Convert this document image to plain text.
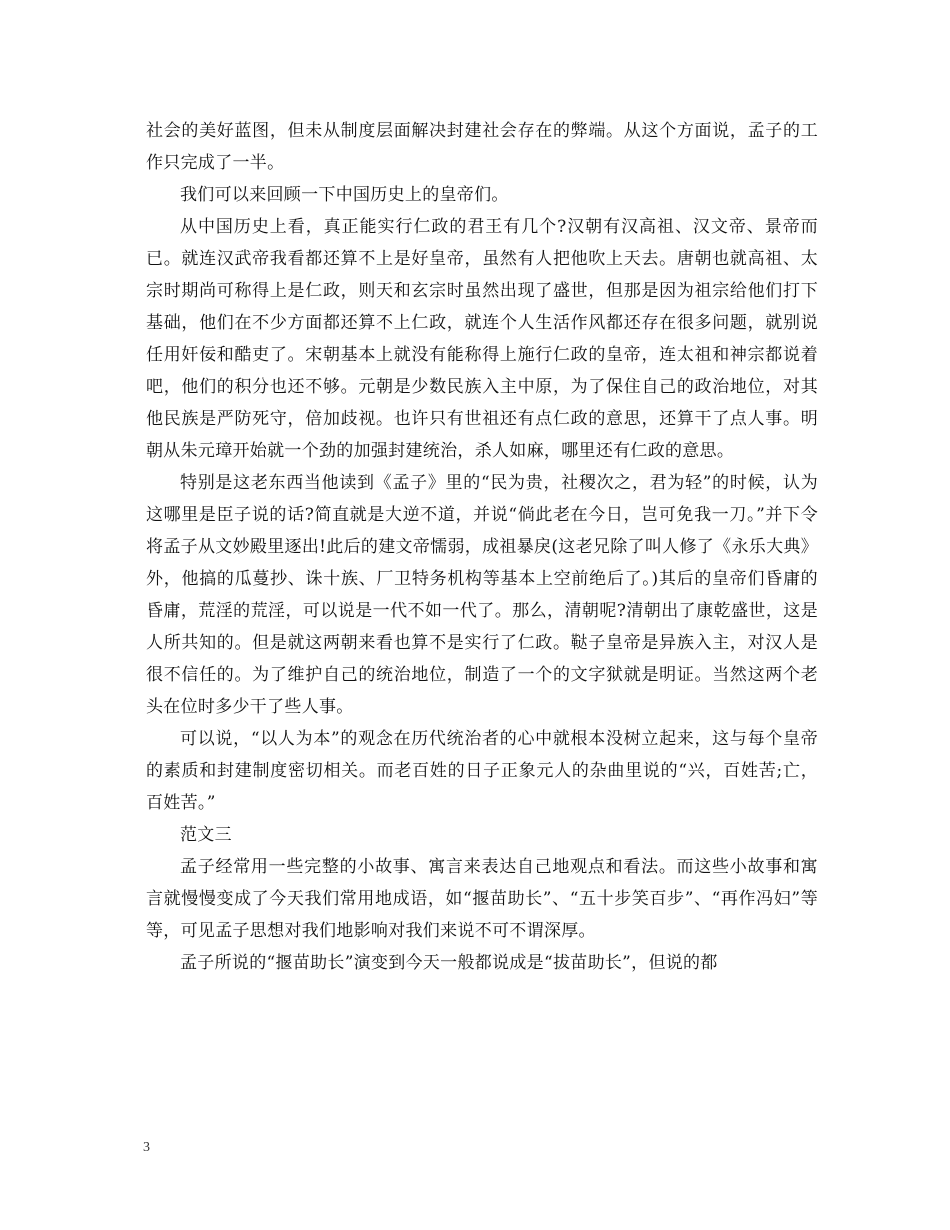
社会的美好蓝图，但未从制度层面解决封建社会存在的弊端。从这个方面说，孟子的工作只完成了一半。

我们可以来回顾一下中国历史上的皇帝们。

从中国历史上看，真正能实行仁政的君王有几个?汉朝有汉高祖、汉文帝、景帝而已。就连汉武帝我看都还算不上是好皇帝，虽然有人把他吹上天去。唐朝也就高祖、太宗时期尚可称得上是仁政，则天和玄宗时虽然出现了盛世，但那是因为祖宗给他们打下基础，他们在不少方面都还算不上仁政，就连个人生活作风都还存在很多问题，就别说任用奸佞和酷吏了。宋朝基本上就没有能称得上施行仁政的皇帝，连太祖和神宗都说着吧，他们的积分也还不够。元朝是少数民族入主中原，为了保住自己的政治地位，对其他民族是严防死守，倍加歧视。也许只有世祖还有点仁政的意思，还算干了点人事。明朝从朱元璋开始就一个劲的加强封建统治，杀人如麻，哪里还有仁政的意思。

特别是这老东西当他读到《孟子》里的“民为贵，社稷次之，君为轻”的时候，认为这哪里是臣子说的话?简直就是大逆不道，并说“倘此老在今日，岂可免我一刀。”并下令将孟子从文妙殿里逐出!此后的建文帝懦弱，成祖暴戾(这老兄除了叫人修了《永乐大典》外，他搞的瓜蔓抄、诛十族、厂卫特务机构等基本上空前绝后了。)其后的皇帝们昏庸的昏庸，荒淫的荒淫，可以说是一代不如一代了。那么，清朝呢?清朝出了康乾盛世，这是人所共知的。但是就这两朝来看也算不是实行了仁政。鞑子皇帝是异族入主，对汉人是很不信任的。为了维护自己的统治地位，制造了一个的文字狱就是明证。当然这两个老头在位时多少干了些人事。

可以说，“以人为本”的观念在历代统治者的心中就根本没树立起来，这与每个皇帝的素质和封建制度密切相关。而老百姓的日子正象元人的杂曲里说的“兴，百姓苦;亡，百姓苦。”

范文三

孟子经常用一些完整的小故事、寓言来表达自己地观点和看法。而这些小故事和寓言就慢慢变成了今天我们常用地成语，如“揠苗助长”、“五十步笑百步”、“再作冯妇”等等，可见孟子思想对我们地影响对我们来说不可不谓深厚。

孟子所说的“揠苗助长”演变到今天一般都说成是“拔苗助长”，但说的都

3
